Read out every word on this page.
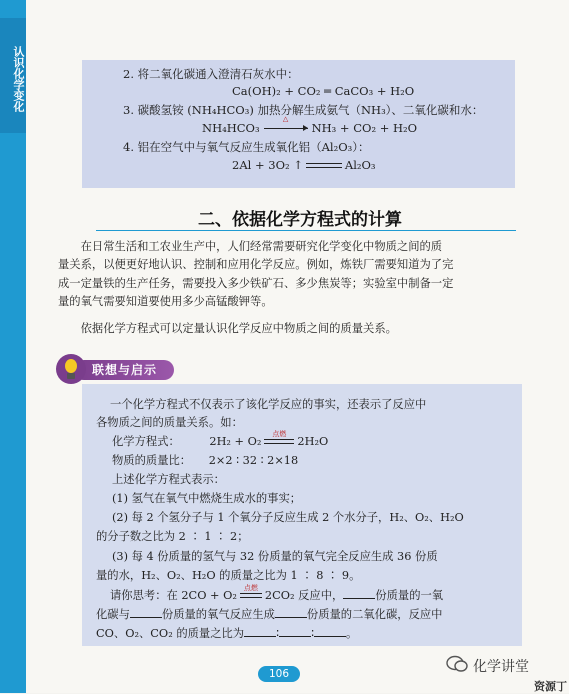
认识化学变化	2. 将二氧化碳通入澄清石灰水中：
Ca(OH)₂ + CO₂ ═ CaCO₃ + H₂O
3. 碳酸氢铵 (NH₄HCO₃) 加热分解生成氨气（NH₃）、二氧化碳和水：
NH₄HCO₃
△
NH₃ + CO₂ + H₂O
4. 铝在空气中与氧气反应生成氧化铝（Al₂O₃）：
2Al + 3O₂ ↑	Al₂O₃
二、依据化学方程式的计算
在日常生活和工农业生产中，人们经常需要研究化学变化中物质之间的质
量关系，以便更好地认识、控制和应用化学反应。例如，炼铁厂需要知道为了完
成一定量铁的生产任务，需要投入多少铁矿石、多少焦炭等；实验室中制备一定
量的氧气需要知道要使用多少高锰酸钾等。
依据化学方程式可以定量认识化学反应中物质之间的质量关系。
联想与启示
一个化学方程式不仅表示了该化学反应的事实，还表示了反应中
各物质之间的质量关系。如：
化学方程式：	2H₂ + O₂
点燃
2H₂O
物质的质量比： 2×2 ∶ 32 ∶ 2×18
上述化学方程式表示：
(1) 氢气在氧气中燃烧生成水的事实；
(2) 每 2 个氢分子与 1 个氧分子反应生成 2 个水分子，H₂、O₂、H₂O
的分子数之比为 2 ∶ 1 ∶ 2；
(3) 每 4 份质量的氢气与 32 份质量的氧气完全反应生成 36 份质
量的水，H₂、O₂、H₂O 的质量之比为 1 ∶ 8 ∶ 9。
请你思考：在 2CO + O₂
点燃
2CO₂ 反应中，	份质量的一氧
化碳与	份质量的氧气反应生成	份质量的二氧化碳，反应中
CO、O₂、CO₂ 的质量之比为	∶	∶	。
106	化学讲堂
资源丁
